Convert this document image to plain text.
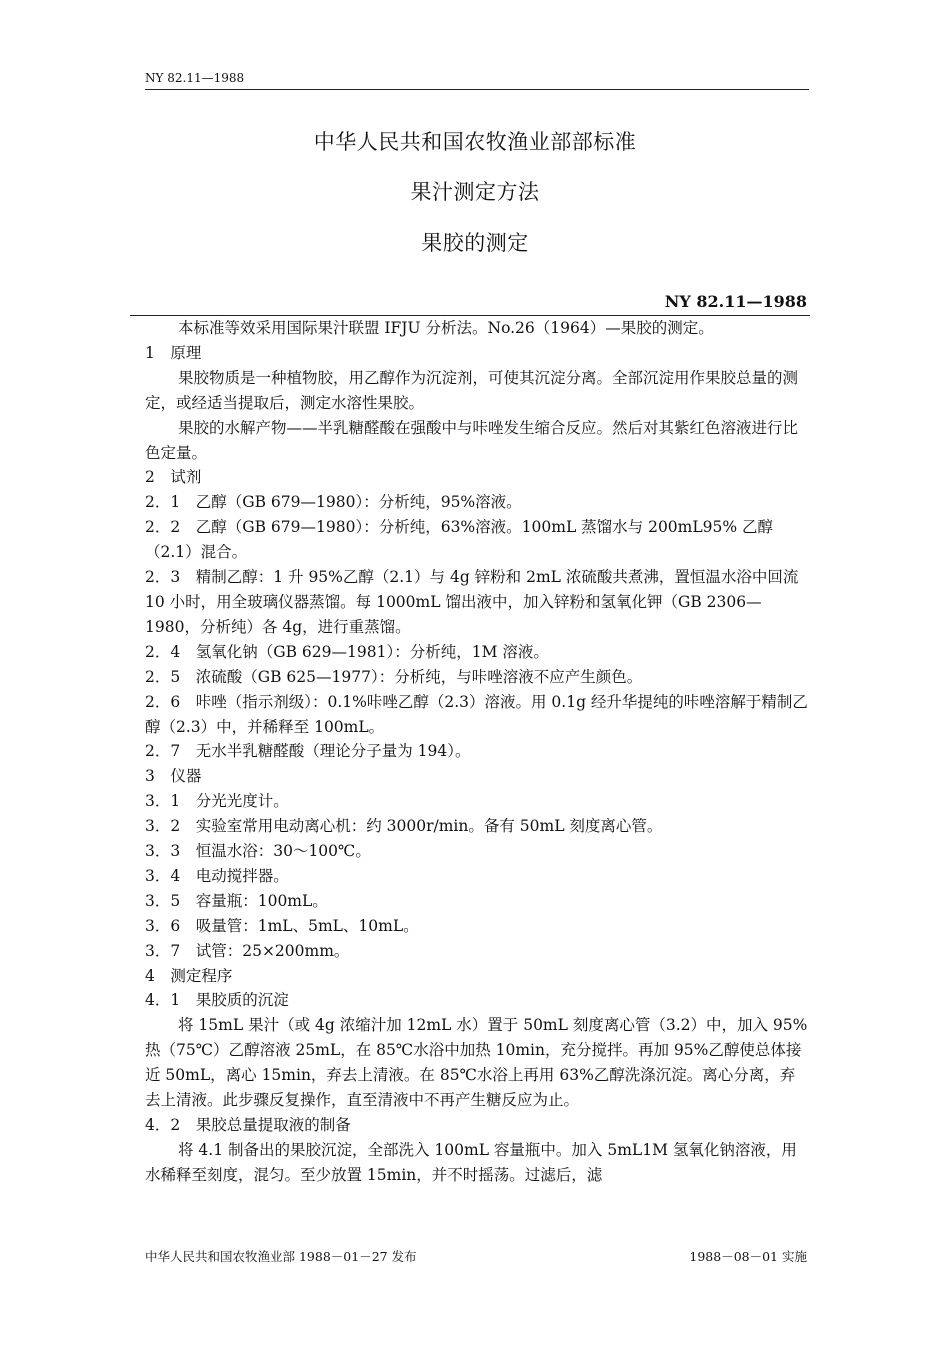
NY 82.11—1988
中华人民共和国农牧渔业部部标准
果汁测定方法
果胶的测定
NY 82.11—1988

本标准等效采用国际果汁联盟 IFJU 分析法。No.26（1964）—果胶的测定。

1　原理

果胶物质是一种植物胶，用乙醇作为沉淀剂，可使其沉淀分离。全部沉淀用作果胶总量的测定，或经适当提取后，测定水溶性果胶。

果胶的水解产物——半乳糖醛酸在强酸中与咔唑发生缩合反应。然后对其紫红色溶液进行比色定量。

2　试剂

2．1　乙醇（GB 679—1980）：分析纯，95%溶液。

2．2　乙醇（GB 679—1980）：分析纯，63%溶液。100mL 蒸馏水与 200mL95% 乙醇（2.1）混合。

2．3　精制乙醇：1 升 95%乙醇（2.1）与 4g 锌粉和 2mL 浓硫酸共煮沸，置恒温水浴中回流 10 小时，用全玻璃仪器蒸馏。每 1000mL 馏出液中，加入锌粉和氢氧化钾（GB 2306—1980，分析纯）各 4g，进行重蒸馏。

2．4　氢氧化钠（GB 629—1981）：分析纯，1M 溶液。

2．5　浓硫酸（GB 625—1977）：分析纯，与咔唑溶液不应产生颜色。

2．6　咔唑（指示剂级）：0.1%咔唑乙醇（2.3）溶液。用 0.1g 经升华提纯的咔唑溶解于精制乙醇（2.3）中，并稀释至 100mL。

2．7　无水半乳糖醛酸（理论分子量为 194）。

3　仪器

3．1　分光光度计。

3．2　实验室常用电动离心机：约 3000r/min。备有 50mL 刻度离心管。

3．3　恒温水浴：30～100℃。

3．4　电动搅拌器。

3．5　容量瓶：100mL。

3．6　吸量管：1mL、5mL、10mL。

3．7　试管：25×200mm。

4　测定程序

4．1　果胶质的沉淀

将 15mL 果汁（或 4g 浓缩汁加 12mL 水）置于 50mL 刻度离心管（3.2）中，加入 95%热（75℃）乙醇溶液 25mL，在 85℃水浴中加热 10min，充分搅拌。再加 95%乙醇使总体接近 50mL，离心 15min，弃去上清液。在 85℃水浴上再用 63%乙醇洗涤沉淀。离心分离，弃去上清液。此步骤反复操作，直至清液中不再产生糖反应为止。

4．2　果胶总量提取液的制备

将 4.1 制备出的果胶沉淀，全部洗入 100mL 容量瓶中。加入 5mL1M 氢氧化钠溶液，用水稀释至刻度，混匀。至少放置 15min，并不时摇荡。过滤后，滤

中华人民共和国农牧渔业部 1988－01－27 发布	1988－08－01 实施
